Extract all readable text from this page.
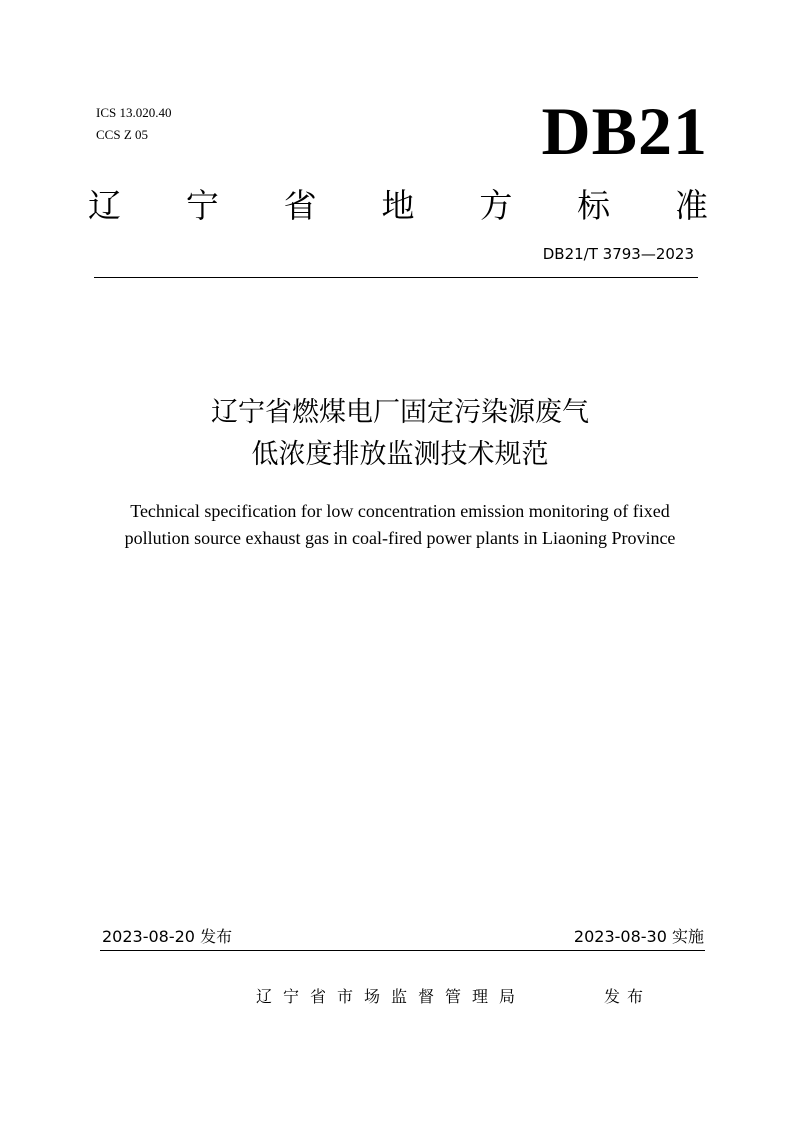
ICS 13.020.40
CCS Z 05	DB21
辽 宁 省 地 方 标 准
DB21/T 3793—2023
辽宁省燃煤电厂固定污染源废气
低浓度排放监测技术规范
Technical specification for low concentration emission monitoring of fixed
pollution source exhaust gas in coal-fired power plants in Liaoning Province
2023-08-20 发布	2023-08-30 实施
辽宁省市场监督管理局	发布
